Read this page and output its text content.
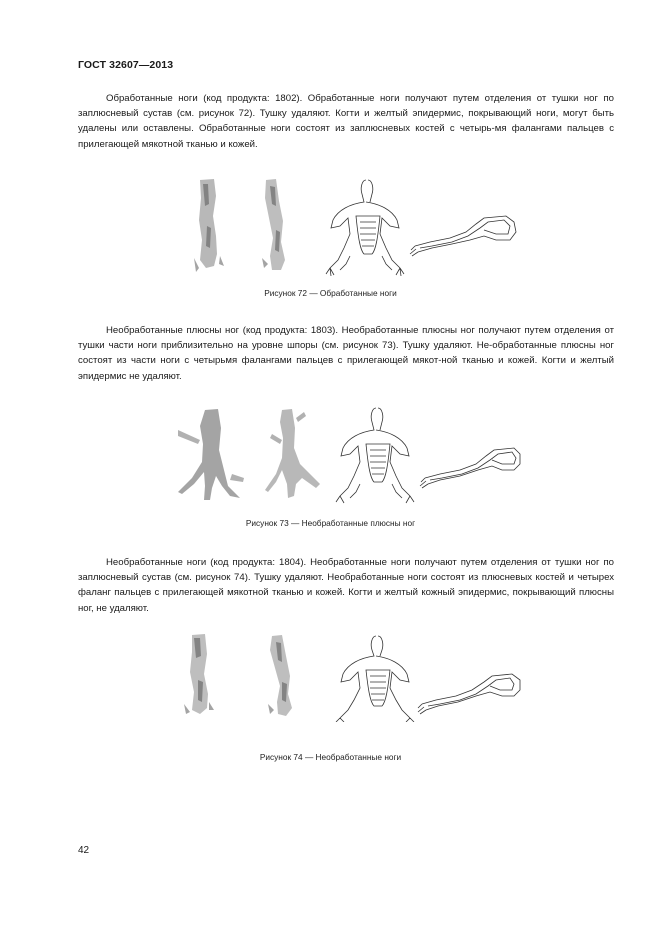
ГОСТ 32607—2013

Обработанные ноги (код продукта: 1802). Обработанные ноги получают путем отделения от тушки ног по заплюсневый сустав (см. рисунок 72). Тушку удаляют. Когти и желтый эпидермис, покрывающий ноги, могут быть удалены или оставлены. Обработанные ноги состоят из заплюсневых костей с четырь-мя фалангами пальцев с прилегающей мякотной тканью и кожей.

Рисунок 72 — Обработанные ноги

Необработанные плюсны ног (код продукта: 1803). Необработанные плюсны ног получают путем отделения от тушки части ноги приблизительно на уровне шпоры (см. рисунок 73). Тушку удаляют. Не-обработанные плюсны ног состоят из части ноги с четырьмя фалангами пальцев с прилегающей мякот-ной тканью и кожей. Когти и желтый эпидермис не удаляют.

Рисунок 73 — Необработанные плюсны ног

Необработанные ноги (код продукта: 1804). Необработанные ноги получают путем отделения от тушки ног по заплюсневый сустав (см. рисунок 74). Тушку удаляют. Необработанные ноги состоят из плюсневых костей и четырех фаланг пальцев с прилегающей мякотной тканью и кожей. Когти и желтый кожный эпидермис, покрывающий плюсны ног, не удаляют.

Рисунок 74 — Необработанные ноги
42
